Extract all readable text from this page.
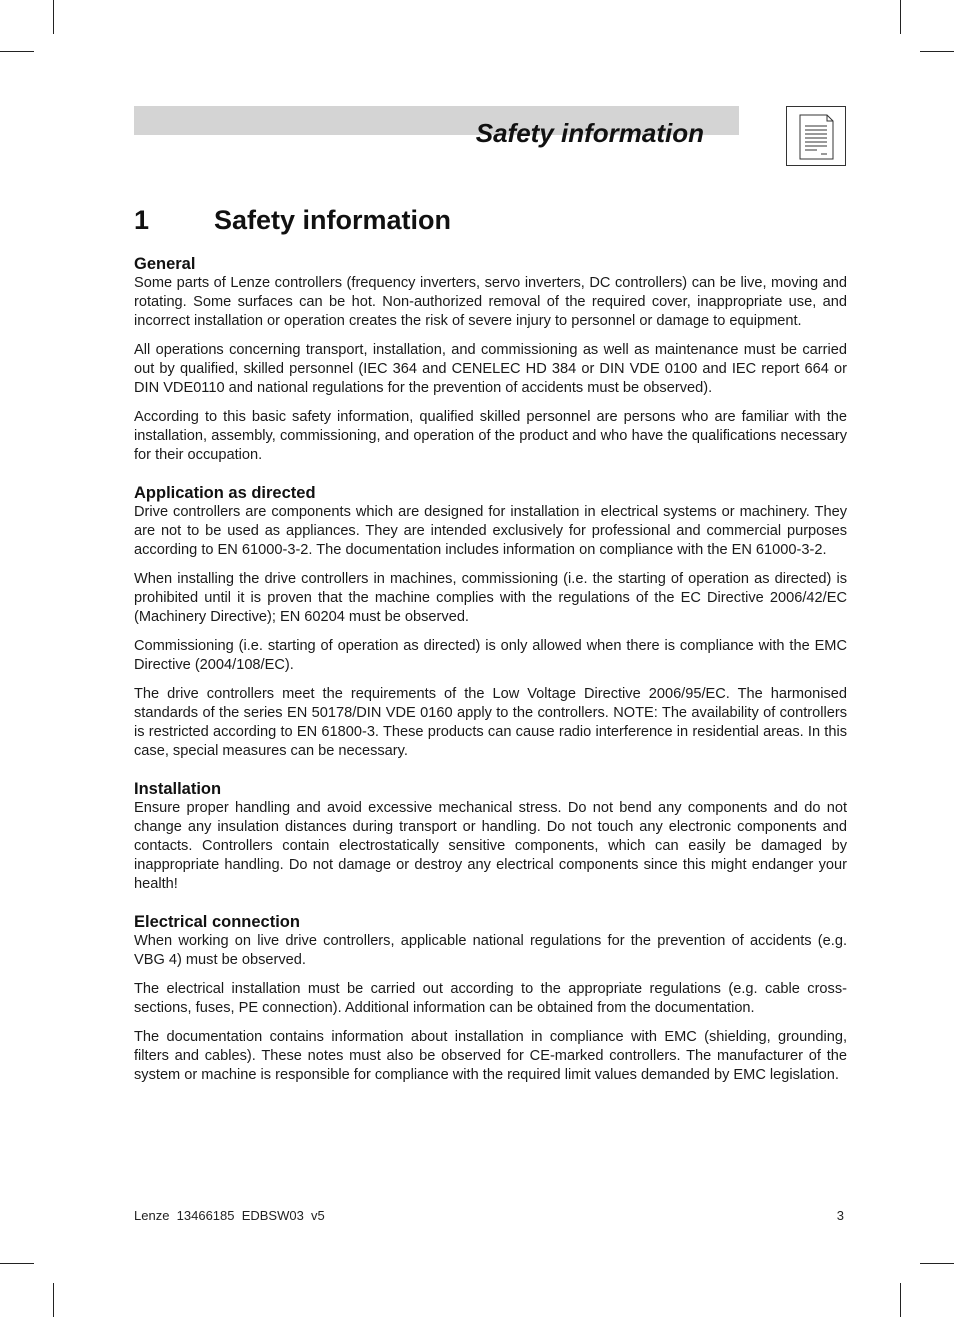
Safety information
1	Safety information
General

Some parts of Lenze controllers (frequency inverters, servo inverters, DC controllers) can be live, moving and rotating. Some surfaces can be hot. Non-authorized removal of the required cover, inappropriate use, and incorrect installation or operation creates the risk of severe injury to personnel or damage to equipment.

All operations concerning transport, installation, and commissioning as well as maintenance must be carried out by qualified, skilled personnel (IEC 364 and CENELEC HD 384 or DIN VDE 0100 and IEC report 664 or DIN VDE0110 and national regulations for the prevention of accidents must be observed).

According to this basic safety information, qualified skilled personnel are persons who are familiar with the installation, assembly, commissioning, and operation of the product and who have the qualifications necessary for their occupation.

Application as directed

Drive controllers are components which are designed for installation in electrical systems or machinery. They are not to be used as appliances. They are intended exclusively for professional and commercial purposes according to EN 61000-3-2. The documentation includes information on compliance with the EN 61000-3-2.

When installing the drive controllers in machines, commissioning (i.e. the starting of operation as directed) is prohibited until it is proven that the machine complies with the regulations of the EC Directive 2006/42/EC (Machinery Directive); EN 60204 must be observed.

Commissioning (i.e. starting of operation as directed) is only allowed when there is compliance with the EMC Directive (2004/108/EC).

The drive controllers meet the requirements of the Low Voltage Directive 2006/95/EC. The harmonised standards of the series EN 50178/DIN VDE 0160 apply to the controllers. NOTE: The availability of controllers is restricted according to EN 61800-3. These products can cause radio interference in residential areas. In this case, special measures can be necessary.

Installation

Ensure proper handling and avoid excessive mechanical stress. Do not bend any components and do not change any insulation distances during transport or handling. Do not touch any electronic components and contacts. Controllers contain electrostatically sensitive components, which can easily be damaged by inappropriate handling. Do not damage or destroy any electrical components since this might endanger your health!

Electrical connection

When working on live drive controllers, applicable national regulations for the prevention of accidents (e.g. VBG 4) must be observed.

The electrical installation must be carried out according to the appropriate regulations (e.g. cable cross-sections, fuses, PE connection). Additional information can be obtained from the documentation.

The documentation contains information about installation in compliance with EMC (shielding, grounding, filters and cables). These notes must also be observed for CE-marked controllers. The manufacturer of the system or machine is responsible for compliance with the required limit values demanded by EMC legislation.

Lenze  13466185  EDBSW03  v5	3
